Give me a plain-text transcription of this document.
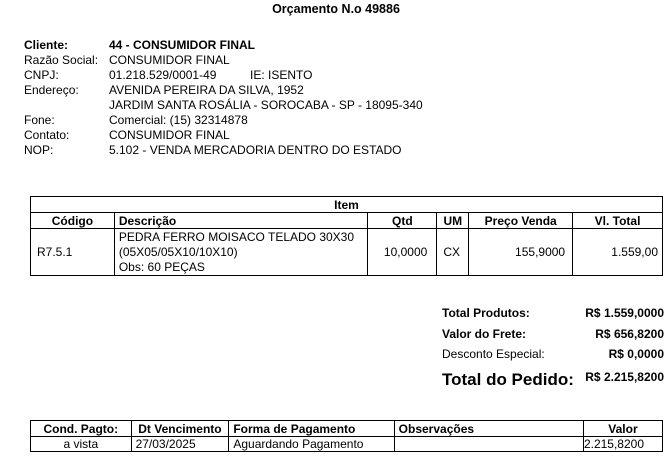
Orçamento N.o 49886
Cliente:	44 - CONSUMIDOR FINAL
Razão Social: CONSUMIDOR FINAL
CNPJ:	01.218.529/0001-49	IE: ISENTO
Endereço:	AVENIDA PEREIRA DA SILVA, 1952
JARDIM SANTA ROSÁLIA - SOROCABA - SP - 18095-340
Fone:	Comercial: (15) 32314878
Contato:	CONSUMIDOR FINAL
NOP:	5.102 - VENDA MERCADORIA DENTRO DO ESTADO
Item					
Código	Descrição	Qtd	UM	Preço Venda	Vl. Total
R7.5.1	PEDRA FERRO MOISACO TELADO 30X30
(05X05/05X10/10X10)
Obs: 60 PEÇAS	10,0000	CX	155,9000	1.559,00
Total Produtos:	R$ 1.559,0000
Valor do Frete:	R$ 656,8200
Desconto Especial:	R$ 0,0000
Total do Pedido: R$ 2.215,8200
Cond. Pagto:	Dt Vencimento	Forma de Pagamento	Observações	Valor
a vista	27/03/2025	Aguardando Pagamento		2.215,8200
